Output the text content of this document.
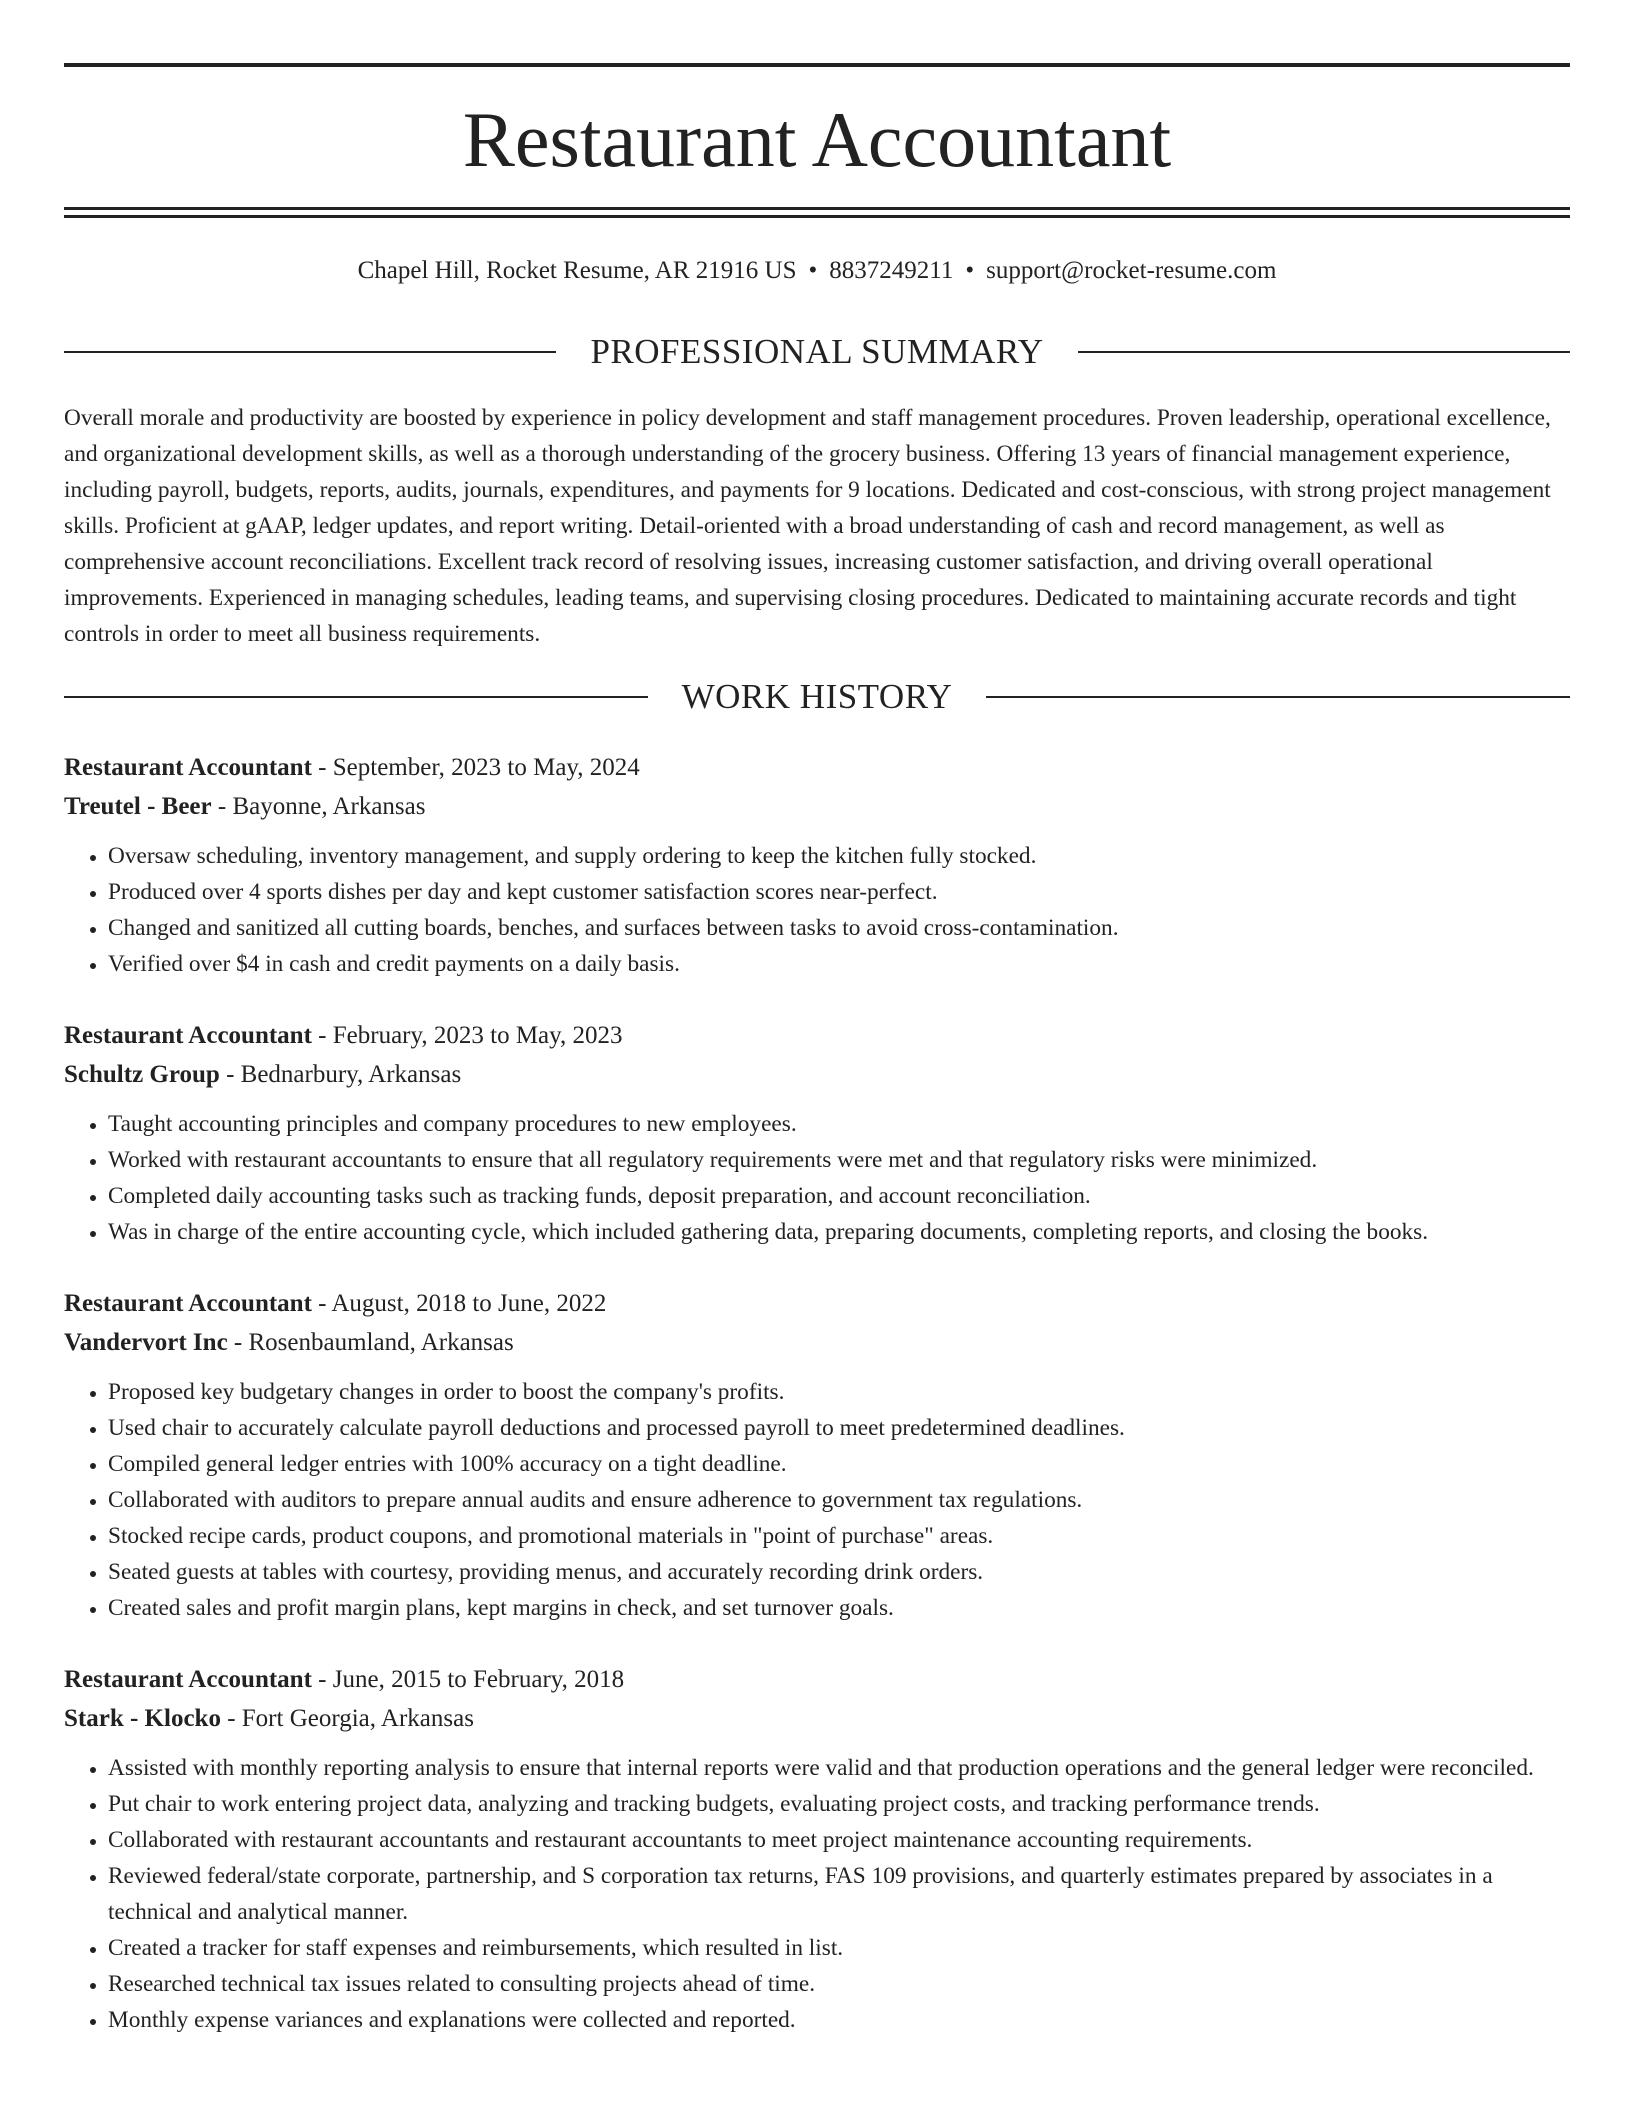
Restaurant Accountant
Chapel Hill, Rocket Resume, AR 21916 US • 8837249211 • support@rocket-resume.com
PROFESSIONAL SUMMARY

Overall morale and productivity are boosted by experience in policy development and staff management procedures. Proven leadership, operational excellence, and organizational development skills, as well as a thorough understanding of the grocery business. Offering 13 years of financial management experience, including payroll, budgets, reports, audits, journals, expenditures, and payments for 9 locations. Dedicated and cost-conscious, with strong project management skills. Proficient at gAAP, ledger updates, and report writing. Detail-oriented with a broad understanding of cash and record management, as well as comprehensive account reconciliations. Excellent track record of resolving issues, increasing customer satisfaction, and driving overall operational improvements. Experienced in managing schedules, leading teams, and supervising closing procedures. Dedicated to maintaining accurate records and tight controls in order to meet all business requirements.

WORK HISTORY
Restaurant Accountant - September, 2023 to May, 2024
Treutel - Beer - Bayonne, Arkansas
• Oversaw scheduling, inventory management, and supply ordering to keep the kitchen fully stocked.
• Produced over 4 sports dishes per day and kept customer satisfaction scores near-perfect.
• Changed and sanitized all cutting boards, benches, and surfaces between tasks to avoid cross-contamination.
• Verified over $4 in cash and credit payments on a daily basis.
Restaurant Accountant - February, 2023 to May, 2023
Schultz Group - Bednarbury, Arkansas
• Taught accounting principles and company procedures to new employees.
• Worked with restaurant accountants to ensure that all regulatory requirements were met and that regulatory risks were minimized.
• Completed daily accounting tasks such as tracking funds, deposit preparation, and account reconciliation.
• Was in charge of the entire accounting cycle, which included gathering data, preparing documents, completing reports, and closing the books.
Restaurant Accountant - August, 2018 to June, 2022
Vandervort Inc - Rosenbaumland, Arkansas
• Proposed key budgetary changes in order to boost the company's profits.
• Used chair to accurately calculate payroll deductions and processed payroll to meet predetermined deadlines.
• Compiled general ledger entries with 100% accuracy on a tight deadline.
• Collaborated with auditors to prepare annual audits and ensure adherence to government tax regulations.
• Stocked recipe cards, product coupons, and promotional materials in "point of purchase" areas.
• Seated guests at tables with courtesy, providing menus, and accurately recording drink orders.
• Created sales and profit margin plans, kept margins in check, and set turnover goals.
Restaurant Accountant - June, 2015 to February, 2018
Stark - Klocko - Fort Georgia, Arkansas
• Assisted with monthly reporting analysis to ensure that internal reports were valid and that production operations and the general ledger were reconciled.
• Put chair to work entering project data, analyzing and tracking budgets, evaluating project costs, and tracking performance trends.
• Collaborated with restaurant accountants and restaurant accountants to meet project maintenance accounting requirements.
• Reviewed federal/state corporate, partnership, and S corporation tax returns, FAS 109 provisions, and quarterly estimates prepared by associates in a technical and analytical manner.
• Created a tracker for staff expenses and reimbursements, which resulted in list.
• Researched technical tax issues related to consulting projects ahead of time.
• Monthly expense variances and explanations were collected and reported.
